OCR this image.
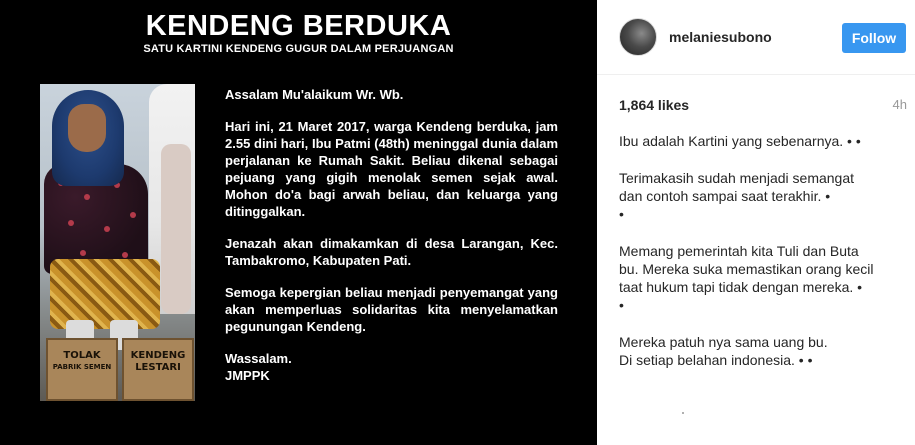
KENDENG BERDUKA
SATU KARTINI KENDENG GUGUR DALAM PERJUANGAN
TOLAK
PABRIK SEMEN
KENDENG
LESTARI

Assalam Mu'alaikum Wr. Wb.

Hari ini, 21 Maret 2017, warga Kendeng berduka, jam 2.55 dini hari, Ibu Patmi (48th) meninggal dunia dalam perjalanan ke Rumah Sakit. Beliau dikenal sebagai pejuang yang gigih menolak semen sejak awal. Mohon do'a bagi arwah beliau, dan keluarga yang ditinggalkan.

Jenazah akan dimakamkan di desa Larangan, Kec. Tambakromo, Kabupaten Pati.

Semoga kepergian beliau menjadi penyemangat yang akan memperluas solidaritas kita menyelamatkan pegunungan Kendeng.

Wassalam.

JMPPK

melaniesubono	Follow
1,864 likes	4h
Ibu adalah Kartini yang sebenarnya. • •
Terimakasih sudah menjadi semangat
dan contoh sampai saat terakhir. •
•
Memang pemerintah kita Tuli dan Buta
bu. Mereka suka memastikan orang kecil
taat hukum tapi tidak dengan mereka. •
•
Mereka patuh nya sama uang bu.
Di setiap belahan indonesia. • •
